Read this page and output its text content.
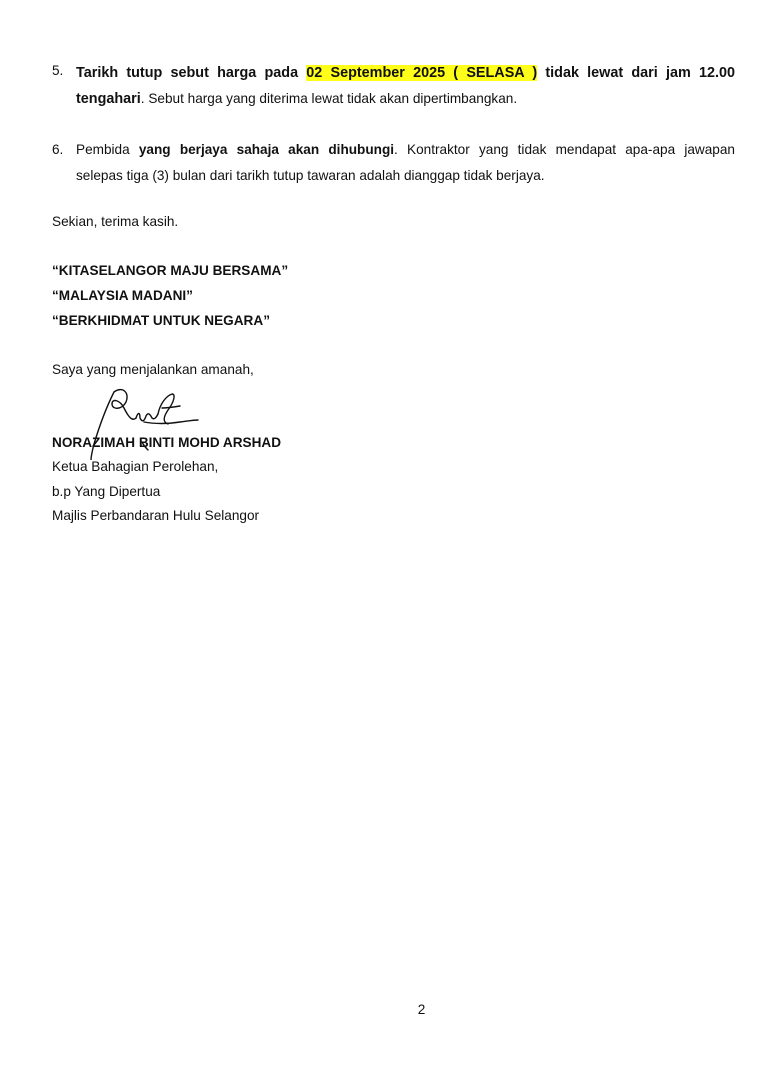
5. Tarikh tutup sebut harga pada 02 September 2025 ( SELASA ) tidak lewat dari jam 12.00
tengahari. Sebut harga yang diterima lewat tidak akan dipertimbangkan.
6. Pembida yang berjaya sahaja akan dihubungi. Kontraktor yang tidak mendapat apa-apa jawapan
selepas tiga (3) bulan dari tarikh tutup tawaran adalah dianggap tidak berjaya.
Sekian, terima kasih.
“KITASELANGOR MAJU BERSAMA”
“MALAYSIA MADANI”
“BERKHIDMAT UNTUK NEGARA”
Saya yang menjalankan amanah,
NORAZIMAH BINTI MOHD ARSHAD
Ketua Bahagian Perolehan,
b.p Yang Dipertua
Majlis Perbandaran Hulu Selangor
2
